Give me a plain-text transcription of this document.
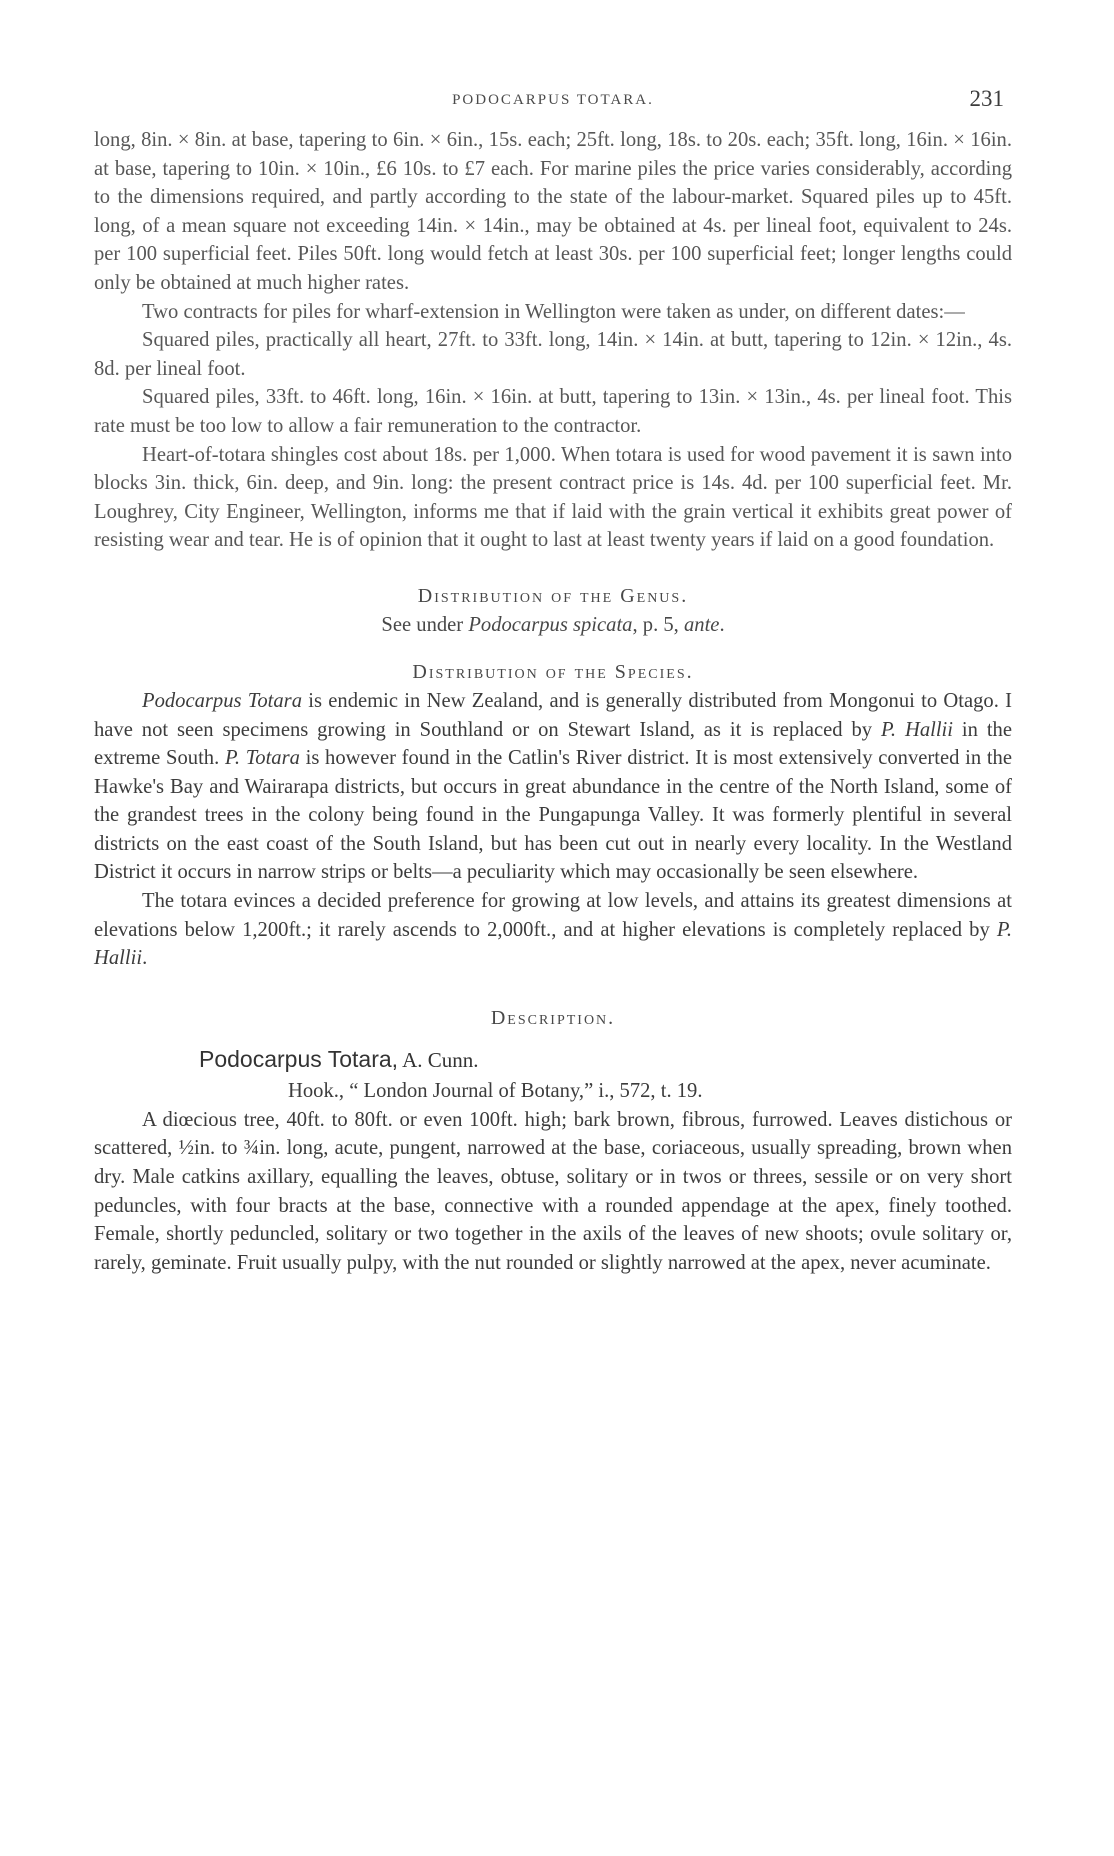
PODOCARPUS TOTARA.	231

long, 8in. × 8in. at base, tapering to 6in. × 6in., 15s. each; 25ft. long, 18s. to 20s. each; 35ft. long, 16in. × 16in. at base, tapering to 10in. × 10in., £6 10s. to £7 each. For marine piles the price varies considerably, according to the dimensions required, and partly according to the state of the labour-market. Squared piles up to 45ft. long, of a mean square not exceeding 14in. × 14in., may be obtained at 4s. per lineal foot, equivalent to 24s. per 100 superficial feet. Piles 50ft. long would fetch at least 30s. per 100 superficial feet; longer lengths could only be obtained at much higher rates.

Two contracts for piles for wharf-extension in Wellington were taken as under, on different dates:—

Squared piles, practically all heart, 27ft. to 33ft. long, 14in. × 14in. at butt, tapering to 12in. × 12in., 4s. 8d. per lineal foot.

Squared piles, 33ft. to 46ft. long, 16in. × 16in. at butt, tapering to 13in. × 13in., 4s. per lineal foot. This rate must be too low to allow a fair remuneration to the contractor.

Heart-of-totara shingles cost about 18s. per 1,000. When totara is used for wood pavement it is sawn into blocks 3in. thick, 6in. deep, and 9in. long: the present contract price is 14s. 4d. per 100 superficial feet. Mr. Loughrey, City Engineer, Wellington, informs me that if laid with the grain vertical it exhibits great power of resisting wear and tear. He is of opinion that it ought to last at least twenty years if laid on a good foundation.

Distribution of the Genus.
See under Podocarpus spicata, p. 5, ante.
Distribution of the Species.

Podocarpus Totara is endemic in New Zealand, and is generally distributed from Mongonui to Otago. I have not seen specimens growing in Southland or on Stewart Island, as it is replaced by P. Hallii in the extreme South. P. Totara is however found in the Catlin's River district. It is most extensively converted in the Hawke's Bay and Wairarapa districts, but occurs in great abundance in the centre of the North Island, some of the grandest trees in the colony being found in the Pungapunga Valley. It was formerly plentiful in several districts on the east coast of the South Island, but has been cut out in nearly every locality. In the Westland District it occurs in narrow strips or belts—a peculiarity which may occasionally be seen elsewhere.

The totara evinces a decided preference for growing at low levels, and attains its greatest dimensions at elevations below 1,200ft.; it rarely ascends to 2,000ft., and at higher elevations is completely replaced by P. Hallii.

Description.
Podocarpus Totara, A. Cunn.
Hook., “ London Journal of Botany,” i., 572, t. 19.

A diœcious tree, 40ft. to 80ft. or even 100ft. high; bark brown, fibrous, furrowed. Leaves distichous or scattered, ½in. to ¾in. long, acute, pungent, narrowed at the base, coriaceous, usually spreading, brown when dry. Male catkins axillary, equalling the leaves, obtuse, solitary or in twos or threes, sessile or on very short peduncles, with four bracts at the base, connective with a rounded appendage at the apex, finely toothed. Female, shortly peduncled, solitary or two together in the axils of the leaves of new shoots; ovule solitary or, rarely, geminate. Fruit usually pulpy, with the nut rounded or slightly narrowed at the apex, never acuminate.
